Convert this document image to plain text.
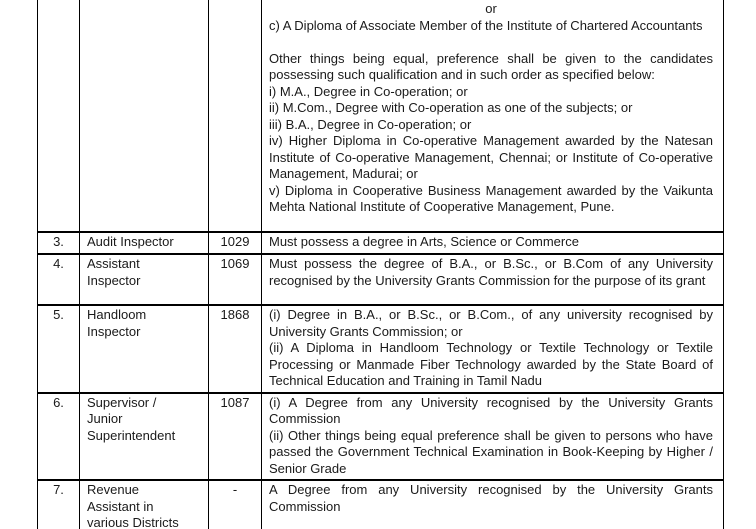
or
c) A Diploma of Associate Member of the Institute of Chartered Accountants
Other things being equal, preference shall be given to the candidates possessing such qualification and in such order as specified below:
i) M.A., Degree in Co-operation; or
ii) M.Com., Degree with Co-operation as one of the subjects; or
iii) B.A., Degree in Co-operation; or
iv) Higher Diploma in Co-operative Management awarded by the Natesan Institute of Co-operative Management, Chennai; or Institute of Co-operative Management, Madurai; or
v) Diploma in Cooperative Business Management awarded by the Vaikunta Mehta National Institute of Cooperative Management, Pune.

3.	Audit Inspector	1029	Must possess a degree in Arts, Science or Commerce

4.	Assistant Inspector	1069	Must possess the degree of B.A., or B.Sc., or B.Com of any University recognised by the University Grants Commission for the purpose of its grant

5.	Handloom Inspector	1868	(i) Degree in B.A., or B.Sc., or B.Com., of any university recognised by University Grants Commission; or
(ii) A Diploma in Handloom Technology or Textile Technology or Textile Processing or Manmade Fiber Technology awarded by the State Board of Technical Education and Training in Tamil Nadu

6.	Supervisor / Junior Superintendent	1087	(i) A Degree from any University recognised by the University Grants Commission
(ii) Other things being equal preference shall be given to persons who have passed the Government Technical Examination in Book-Keeping by Higher / Senior Grade

7.	Revenue Assistant in various Districts	-	A Degree from any University recognised by the University Grants Commission
